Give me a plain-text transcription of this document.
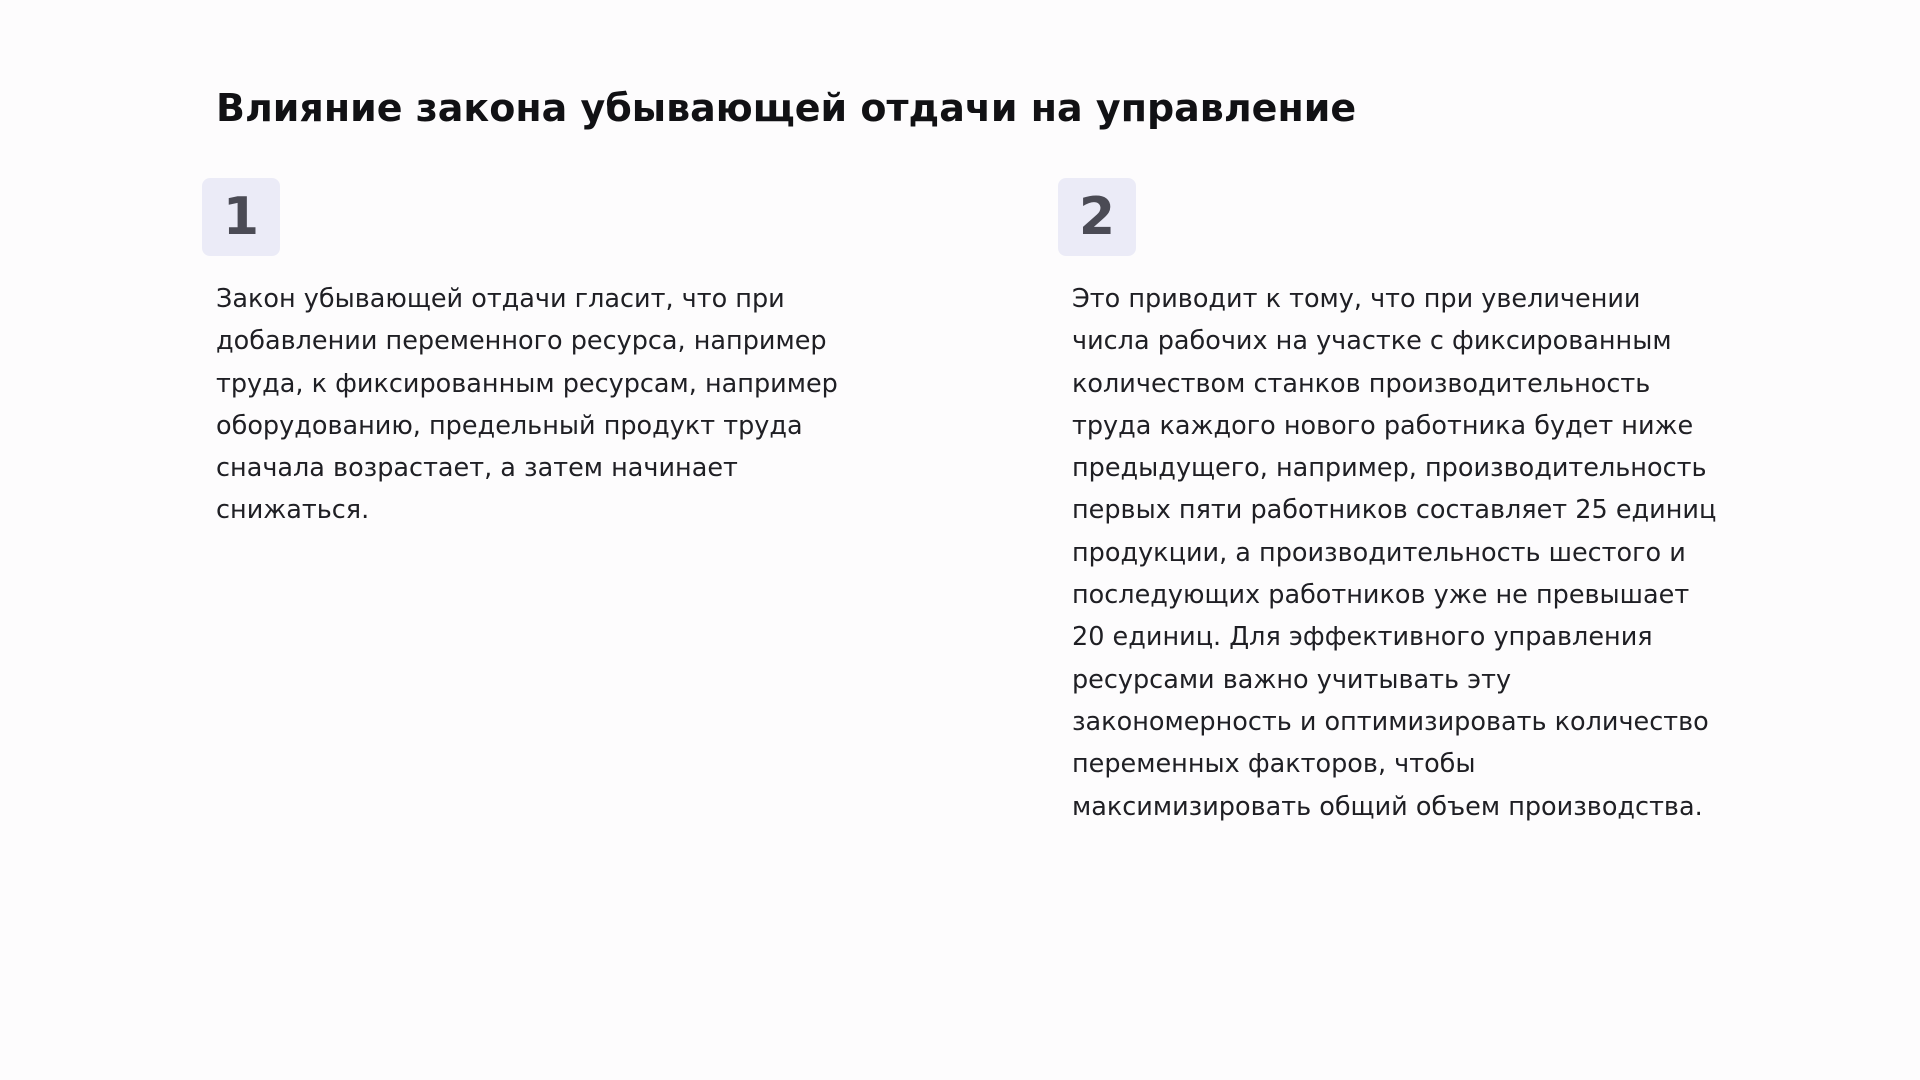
Влияние закона убывающей отдачи на управление
1

Закон убывающей отдачи гласит, что при добавлении переменного ресурса, например труда, к фиксированным ресурсам, например оборудованию, предельный продукт труда сначала возрастает, а затем начинает снижаться.

2

Это приводит к тому, что при увеличении числа рабочих на участке с фиксированным количеством станков производительность труда каждого нового работника будет ниже предыдущего, например, производительность первых пяти работников составляет 25 единиц продукции, а производительность шестого и последующих работников уже не превышает 20 единиц. Для эффективного управления ресурсами важно учитывать эту закономерность и оптимизировать количество переменных факторов, чтобы максимизировать общий объем производства.
